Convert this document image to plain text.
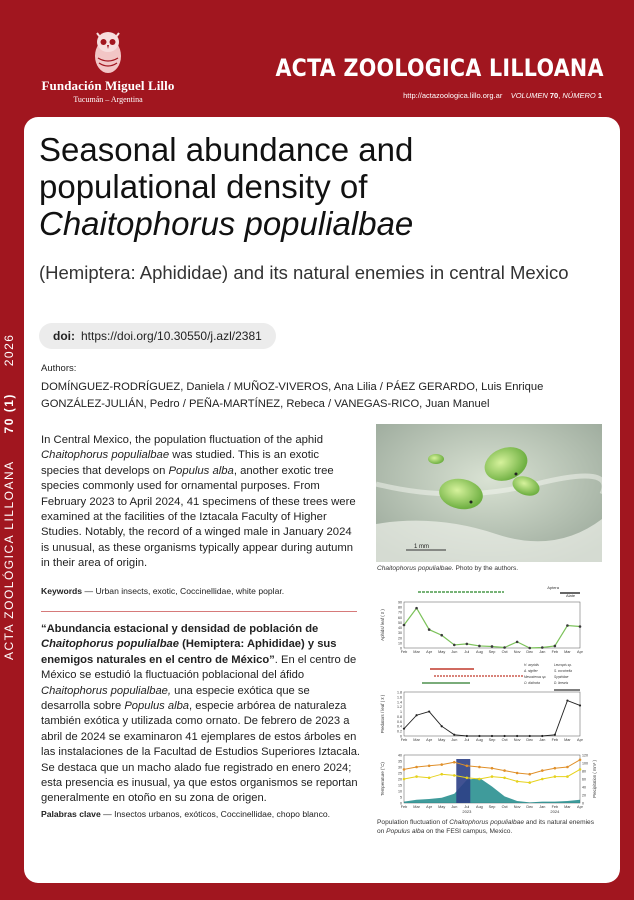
Fundación Miguel Lillo
Tucumán – Argentina
ACTA ZOOLOGICA LILLOANA
http://actazoologica.lillo.org.ar VOLUMEN 70, NÚMERO 1
ACTA ZOOLÓGICA LILLOANA 70 (1) 2026
Seasonal abundance and
populational density of
Chaitophorus populialbae
(Hemiptera: Aphididae) and its natural enemies in central Mexico
doi: https://doi.org/10.30550/j.azl/2381
Authors:
DOMÍNGUEZ-RODRÍGUEZ, Daniela / MUÑOZ-VIVEROS, Ana Lilia / PÁEZ GERARDO, Luis Enrique
GONZÁLEZ-JULIÁN, Pedro / PEÑA-MARTÍNEZ, Rebeca / VANEGAS-RICO, Juan Manuel
In Central Mexico, the population fluctuation of the aphid Chaitophorus populialbae was studied. This is an exotic species that develops on Populus alba, another exotic tree species commonly used for ornamental purposes. From February 2023 to April 2024, 41 specimens of these trees were examined at the facilities of the Iztacala Faculty of Higher Studies. Notably, the record of a winged male in January 2024 is unusual, as these organisms typically appear during autumn in their area of origin.
Keywords — Urban insects, exotic, Coccinellidae, white poplar.
“Abundancia estacional y densidad de población de Chaitophorus populialbae (Hemiptera: Aphididae) y sus enemigos naturales en el centro de México”. En el centro de México se estudió la fluctuación poblacional del áfido Chaitophorus populialbae, una especie exótica que se desarrolla sobre Populus alba, especie arbórea de naturaleza también exótica y utilizada como ornato. De febrero de 2023 a abril de 2024 se examinaron 41 ejemplares de estos árboles en las instalaciones de la Facultad de Estudios Superiores Iztacala. Se destaca que un macho alado fue registrado en enero 2024; esta presencia es inusual, ya que estos organismos se reportan generalmente en otoño en su zona de origen.
Palabras clave — Insectos urbanos, exóticos, Coccinellidae, chopo blanco.
1 mm
Chaitophorus populialbae. Photo by the authors.
0
10
20
30
40
50
60
70
80
90
Feb Mar Apr May Jun Jul Aug Sep Oct Nov Dec Jan Feb Mar Apr
Aphids/ leaf ( x̄ )
Aptera
Alate
H. axyridis	Leucopis sp.
A. nigrifer	S. coccinella
Mesostenus sp. Syrphidae
O. distincta	D. linearis
0
0.2
0.4
0.6
0.8
1
1.2
1.4
1.6
1.8
Feb Mar Apr May Jun Jul Aug Sep Oct Nov Dec Jan Feb Mar Apr
Predators / leaf ( x̄ )
0
5
10
15
20
25
30
35
40
Feb Mar Apr May Jun Jul Aug Sep Oct Nov Dec Jan Feb Mar Apr
Temperature (°C)
0
20
40
60
80
100
120
Precipitation ( mm³ )
2023	2024
Population fluctuation of Chaitophorus populialbae and its natural enemies on Populus alba on the FESI campus, Mexico.
